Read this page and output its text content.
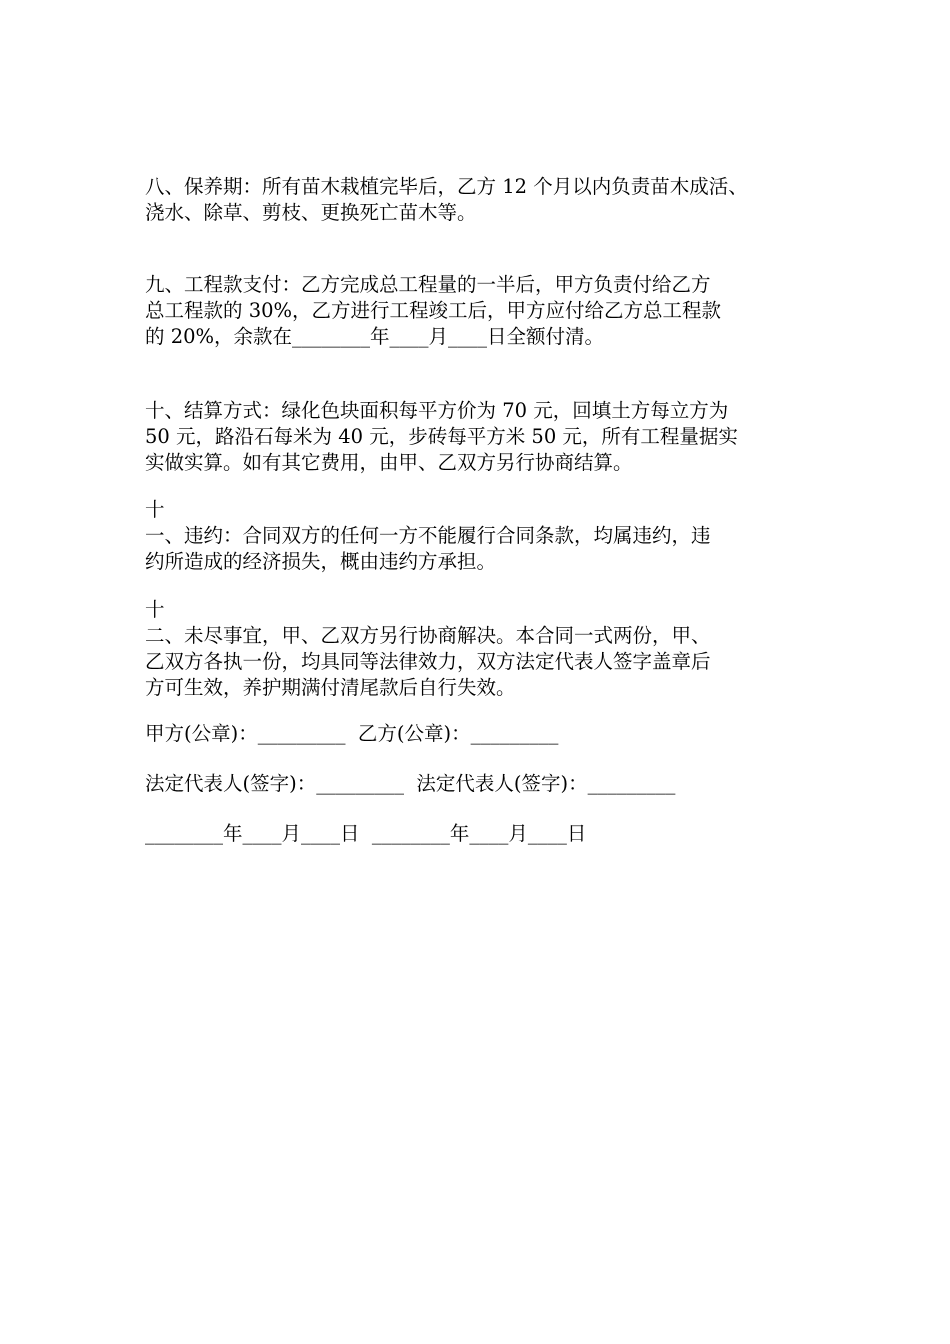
八、保养期：所有苗木栽植完毕后，乙方 12 个月以内负责苗木成活、

浇水、除草、剪枝、更换死亡苗木等。

九、工程款支付：乙方完成总工程量的一半后，甲方负责付给乙方

总工程款的 30%，乙方进行工程竣工后，甲方应付给乙方总工程款

的 20%，余款在________年____月____日全额付清。

十、结算方式：绿化色块面积每平方价为 70 元，回填土方每立方为

50 元，路沿石每米为 40 元，步砖每平方米 50 元，所有工程量据实

实做实算。如有其它费用，由甲、乙双方另行协商结算。

十

一、违约：合同双方的任何一方不能履行合同条款，均属违约，违

约所造成的经济损失，概由违约方承担。

十

二、未尽事宜，甲、乙双方另行协商解决。本合同一式两份，甲、

乙双方各执一份，均具同等法律效力，双方法定代表人签字盖章后

方可生效，养护期满付清尾款后自行失效。

甲方(公章)：_________  乙方(公章)：_________

法定代表人(签字)：_________  法定代表人(签字)：_________

________年____月____日  ________年____月____日
